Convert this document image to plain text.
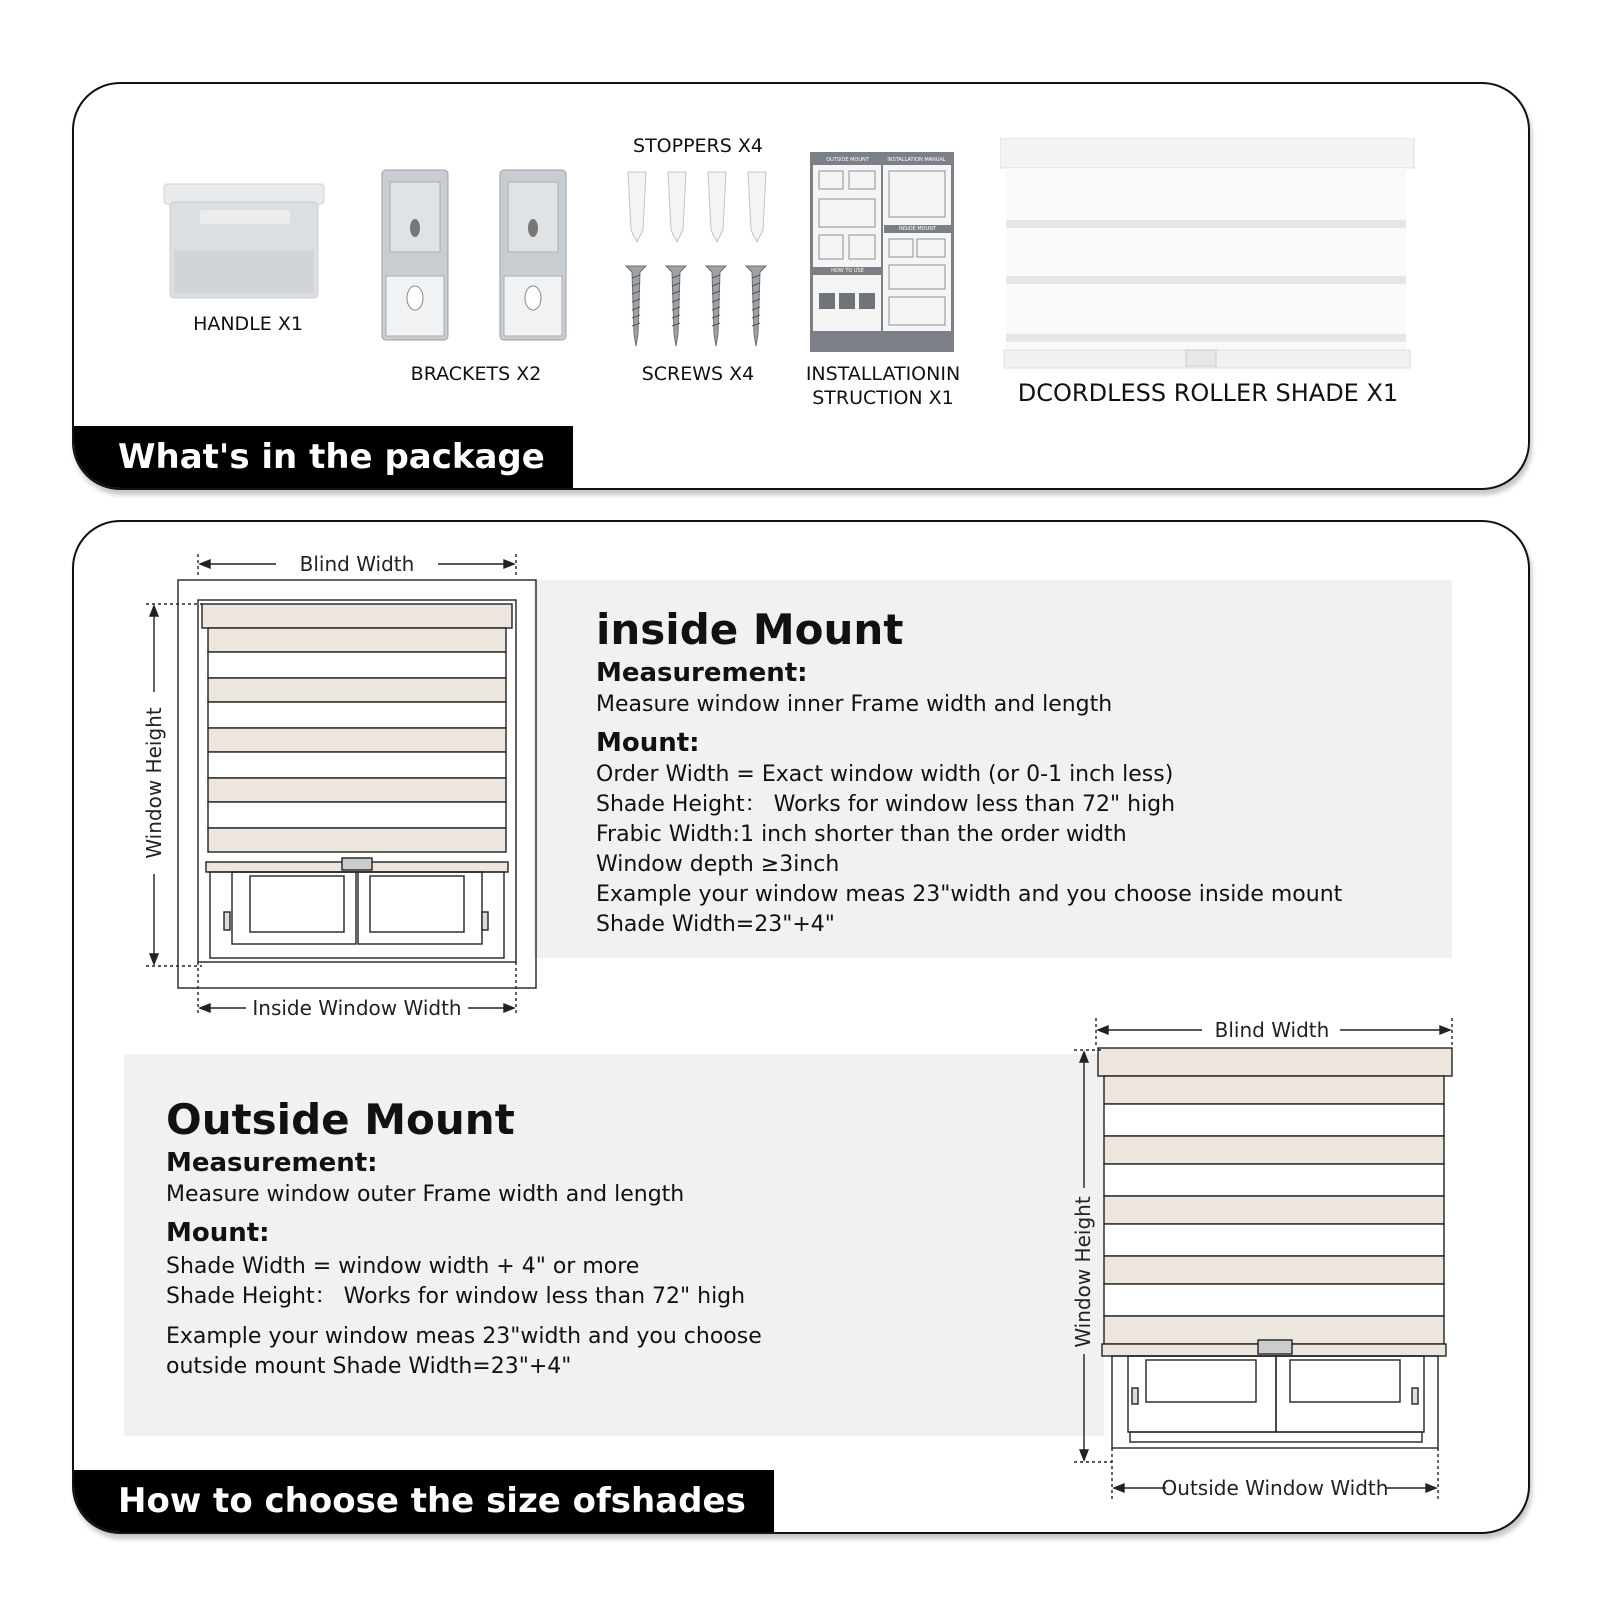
HANDLE X1
BRACKETS X2
STOPPERS X4
SCREWS X4
OUTSIDE MOUNT	INSTALLATION MANUAL
INSIDE MOUNT
HOW TO USE
INSTALLATIONIN
STRUCTION X1	DCORDLESS ROLLER SHADE X1
What's in the package
inside Mount
Measurement:
Measure window inner Frame width and length
Mount:
Order Width = Exact window width (or 0-1 inch less)
Shade Height： Works for window less than 72" high
Frabic Width:1 inch shorter than the order width
Window depth ≥3inch
Example your window meas 23"width and you choose inside mount
Shade Width=23"+4"
Blind Width
Window Height
Inside Window Width
Outside Mount
Measurement:
Measure window outer Frame width and length
Mount:
Shade Width = window width + 4" or more
Shade Height： Works for window less than 72" high
Example your window meas 23"width and you choose
outside mount Shade Width=23"+4"
Blind Width
Window Height
Outside Window Width
How to choose the size ofshades
